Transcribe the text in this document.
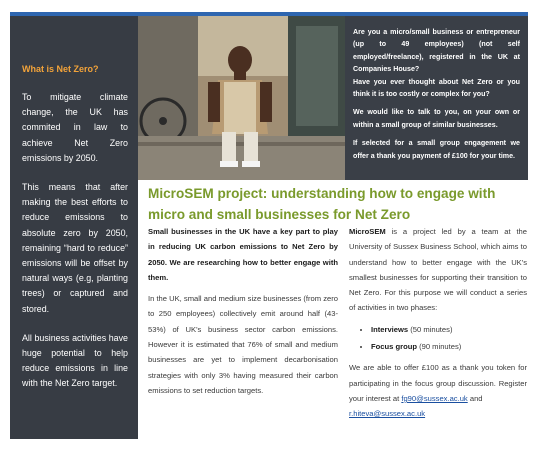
What is Net Zero?

To mitigate climate change, the UK has commited in law to achieve Net Zero emissions by 2050.

This means that after making the best efforts to reduce emissions to absolute zero by 2050, remaining “hard to reduce” emissions will be offset by natural ways (e.g, planting trees) or captured and stored.

All business activities have huge potential to help reduce emissions in line with the Net Zero target.

Are you a micro/small business or entrepreneur (up to 49 employees) (not self employed/freelance), registered in the UK at Companies House?

Have you ever thought about Net Zero or you think it is too costly or complex for you?

We would like to talk to you, on your own or within a small group of similar businesses.

If selected for a small group engagement we offer a thank you payment of £100 for your time.

MicroSEM project: understanding how to engage with micro and small businesses for Net Zero

Small businesses in the UK have a key part to play in reducing UK carbon emissions to Net Zero by 2050. We are researching how to better engage with them.

In the UK, small and medium size businesses (from zero to 250 employees) collectively emit around half (43-53%) of UK's business sector carbon emissions. However it is estimated that 76% of small and medium businesses are yet to implement decarbonisation strategies with only 3% having measured their carbon emissions to set reduction targets.

MicroSEM is a project led by a team at the University of Sussex Business School, which aims to understand how to better engage with the UK's smallest businesses for supporting their transition to Net Zero. For this purpose we will conduct a series of activities in two phases:

• Interviews (50 minutes)
• Focus group (90 minutes)

We are able to offer £100 as a thank you token for participating in the focus group discussion. Register your interest at fg90@sussex.ac.uk and
r.hiteva@sussex.ac.uk
